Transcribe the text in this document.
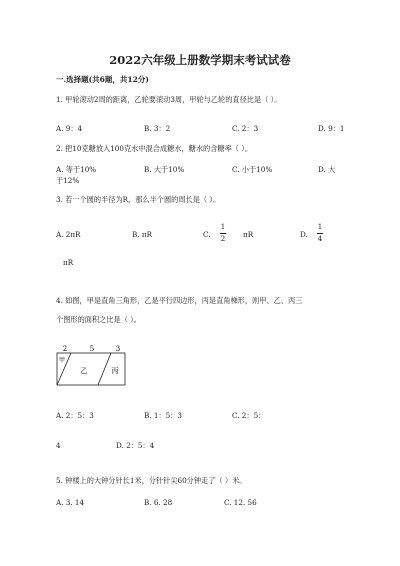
2022六年级上册数学期末考试试卷
一.选择题(共6题，共12分)
1. 甲轮滚动2周的距离，乙轮要滚动3周，甲轮与乙轮的直径比是（ ）。
A. 9：4	B. 3：2	C. 2：3	D. 9：1
2. 把10克糖放入100克水中混合成糖水，糖水的含糖率（ ）。
A. 等于10%	B. 大于10%	C. 小于10%	D. 大
于12%
3. 若一个圆的半径为R，那么半个圆的周长是（ ）。
A. 2πR	B. πR	C.
1
2 πR	D.
1
4
πR
4. 如图，甲是直角三角形，乙是平行四边形，丙是直角梯形，则甲、乙、丙三
个图形的面积之比是（ ）。
2	5	3
甲
乙	丙
A. 2：5：3	B. 1：5：3	C. 2：5：
4	D. 2：5：4
5. 钟楼上的大钟分针长1米，分针针尖60分钟走了（ ）米。
A. 3. 14	B. 6. 28	C. 12. 56
